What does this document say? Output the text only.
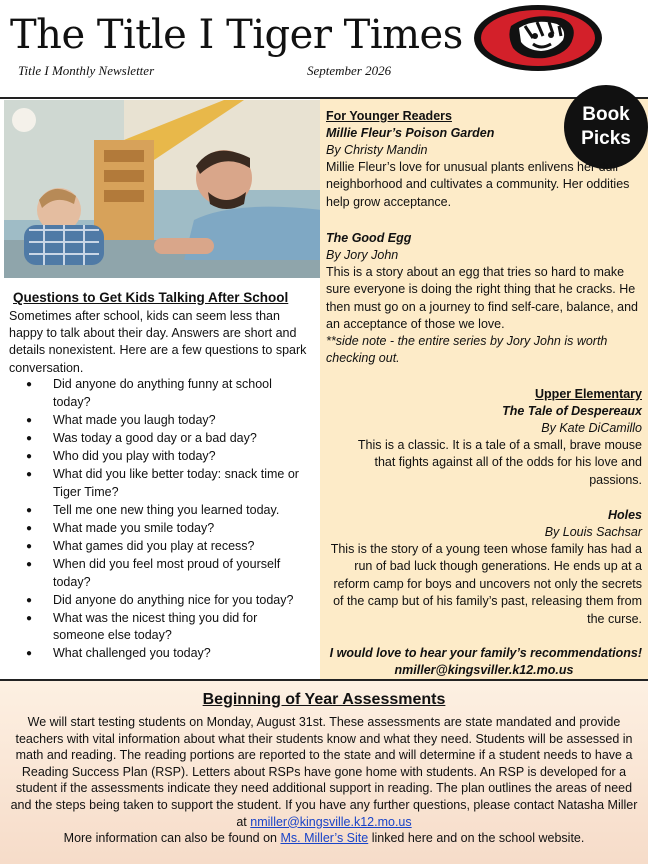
The Title I Tiger Times
Title I Monthly Newsletter	September 2026
Questions to Get Kids Talking After School
Sometimes after school, kids can seem less than happy to talk about their day. Answers are short and details nonexistent. Here are a few questions to spark conversation.
● Did anyone do anything funny at school today?
● What made you laugh today?
● Was today a good day or a bad day?
● Who did you play with today?
● What did you like better today: snack time or Tiger Time?
● Tell me one new thing you learned today.
● What made you smile today?
● What games did you play at recess?
● When did you feel most proud of yourself today?
● Did anyone do anything nice for you today?
● What was the nicest thing you did for someone else today?
● What challenged you today?
Book
Picks
For Younger Readers
Millie Fleur’s Poison Garden
By Christy Mandin
Millie Fleur’s love for unusual plants enlivens her dull neighborhood and cultivates a community. Her oddities help grow acceptance.
The Good Egg
By Jory John
This is a story about an egg that tries so hard to make sure everyone is doing the right thing that he cracks. He then must go on a journey to find self-care, balance, and an acceptance of those we love.
**side note - the entire series by Jory John is worth checking out.
Upper Elementary
The Tale of Despereaux
By Kate DiCamillo
This is a classic. It is a tale of a small, brave mouse that fights against all of the odds for his love and passions.
Holes
By Louis Sachsar
This is the story of a young teen whose family has had a run of bad luck though generations. He ends up at a reform camp for boys and uncovers not only the secrets of the camp but of his family’s past, releasing them from the curse.
I would love to hear your family’s recommendations!
nmiller@kingsviller.k12.mo.us
Beginning of Year Assessments
We will start testing students on Monday, August 31st. These assessments are state mandated and provide teachers with vital information about what their students know and what they need. Students will be assessed in math and reading. The reading portions are reported to the state and will determine if a student needs to have a Reading Success Plan (RSP). Letters about RSPs have gone home with students. An RSP is developed for a student if the assessments indicate they need additional support in reading. The plan outlines the areas of need and the steps being taken to support the student. If you have any further questions, please contact Natasha Miller at nmiller@kingsville.k12.mo.us
More information can also be found on Ms. Miller’s Site linked here and on the school website.
